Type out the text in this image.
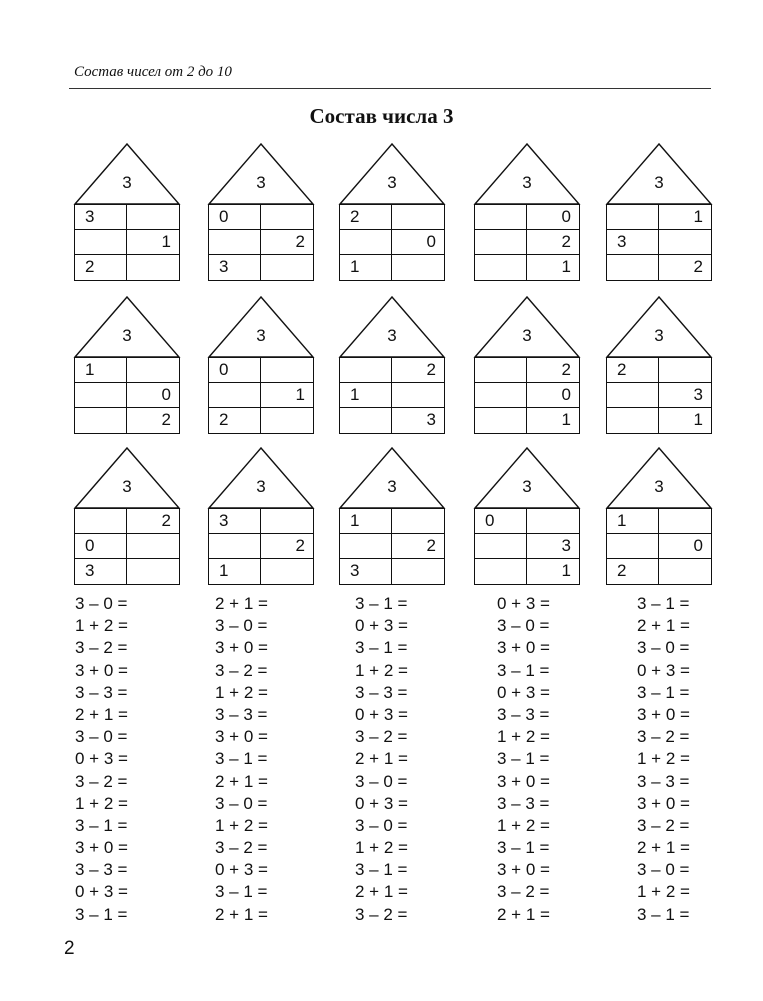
Состав чисел от 2 до 10
Состав числа 3
3
3
1
2
3
0
2
3
3
2
0
1
3
0
2
1
3
1
3
2
3
1
0
2
3
0
1
2
3
2
1
3
3
2
0
1
3
2
3
1
3
2
0
3
3
3
2
1
3
1
2
3
3
0
3
1
3
1
0
2
3 – 0 =
1 + 2 =
3 – 2 =
3 + 0 =
3 – 3 =
2 + 1 =
3 – 0 =
0 + 3 =
3 – 2 =
1 + 2 =
3 – 1 =
3 + 0 =
3 – 3 =
0 + 3 =
3 – 1 =
2 + 1 =
3 – 0 =
3 + 0 =
3 – 2 =
1 + 2 =
3 – 3 =
3 + 0 =
3 – 1 =
2 + 1 =
3 – 0 =
1 + 2 =
3 – 2 =
0 + 3 =
3 – 1 =
2 + 1 =
3 – 1 =
0 + 3 =
3 – 1 =
1 + 2 =
3 – 3 =
0 + 3 =
3 – 2 =
2 + 1 =
3 – 0 =
0 + 3 =
3 – 0 =
1 + 2 =
3 – 1 =
2 + 1 =
3 – 2 =
0 + 3 =
3 – 0 =
3 + 0 =
3 – 1 =
0 + 3 =
3 – 3 =
1 + 2 =
3 – 1 =
3 + 0 =
3 – 3 =
1 + 2 =
3 – 1 =
3 + 0 =
3 – 2 =
2 + 1 =
3 – 1 =
2 + 1 =
3 – 0 =
0 + 3 =
3 – 1 =
3 + 0 =
3 – 2 =
1 + 2 =
3 – 3 =
3 + 0 =
3 – 2 =
2 + 1 =
3 – 0 =
1 + 2 =
3 – 1 =
2
